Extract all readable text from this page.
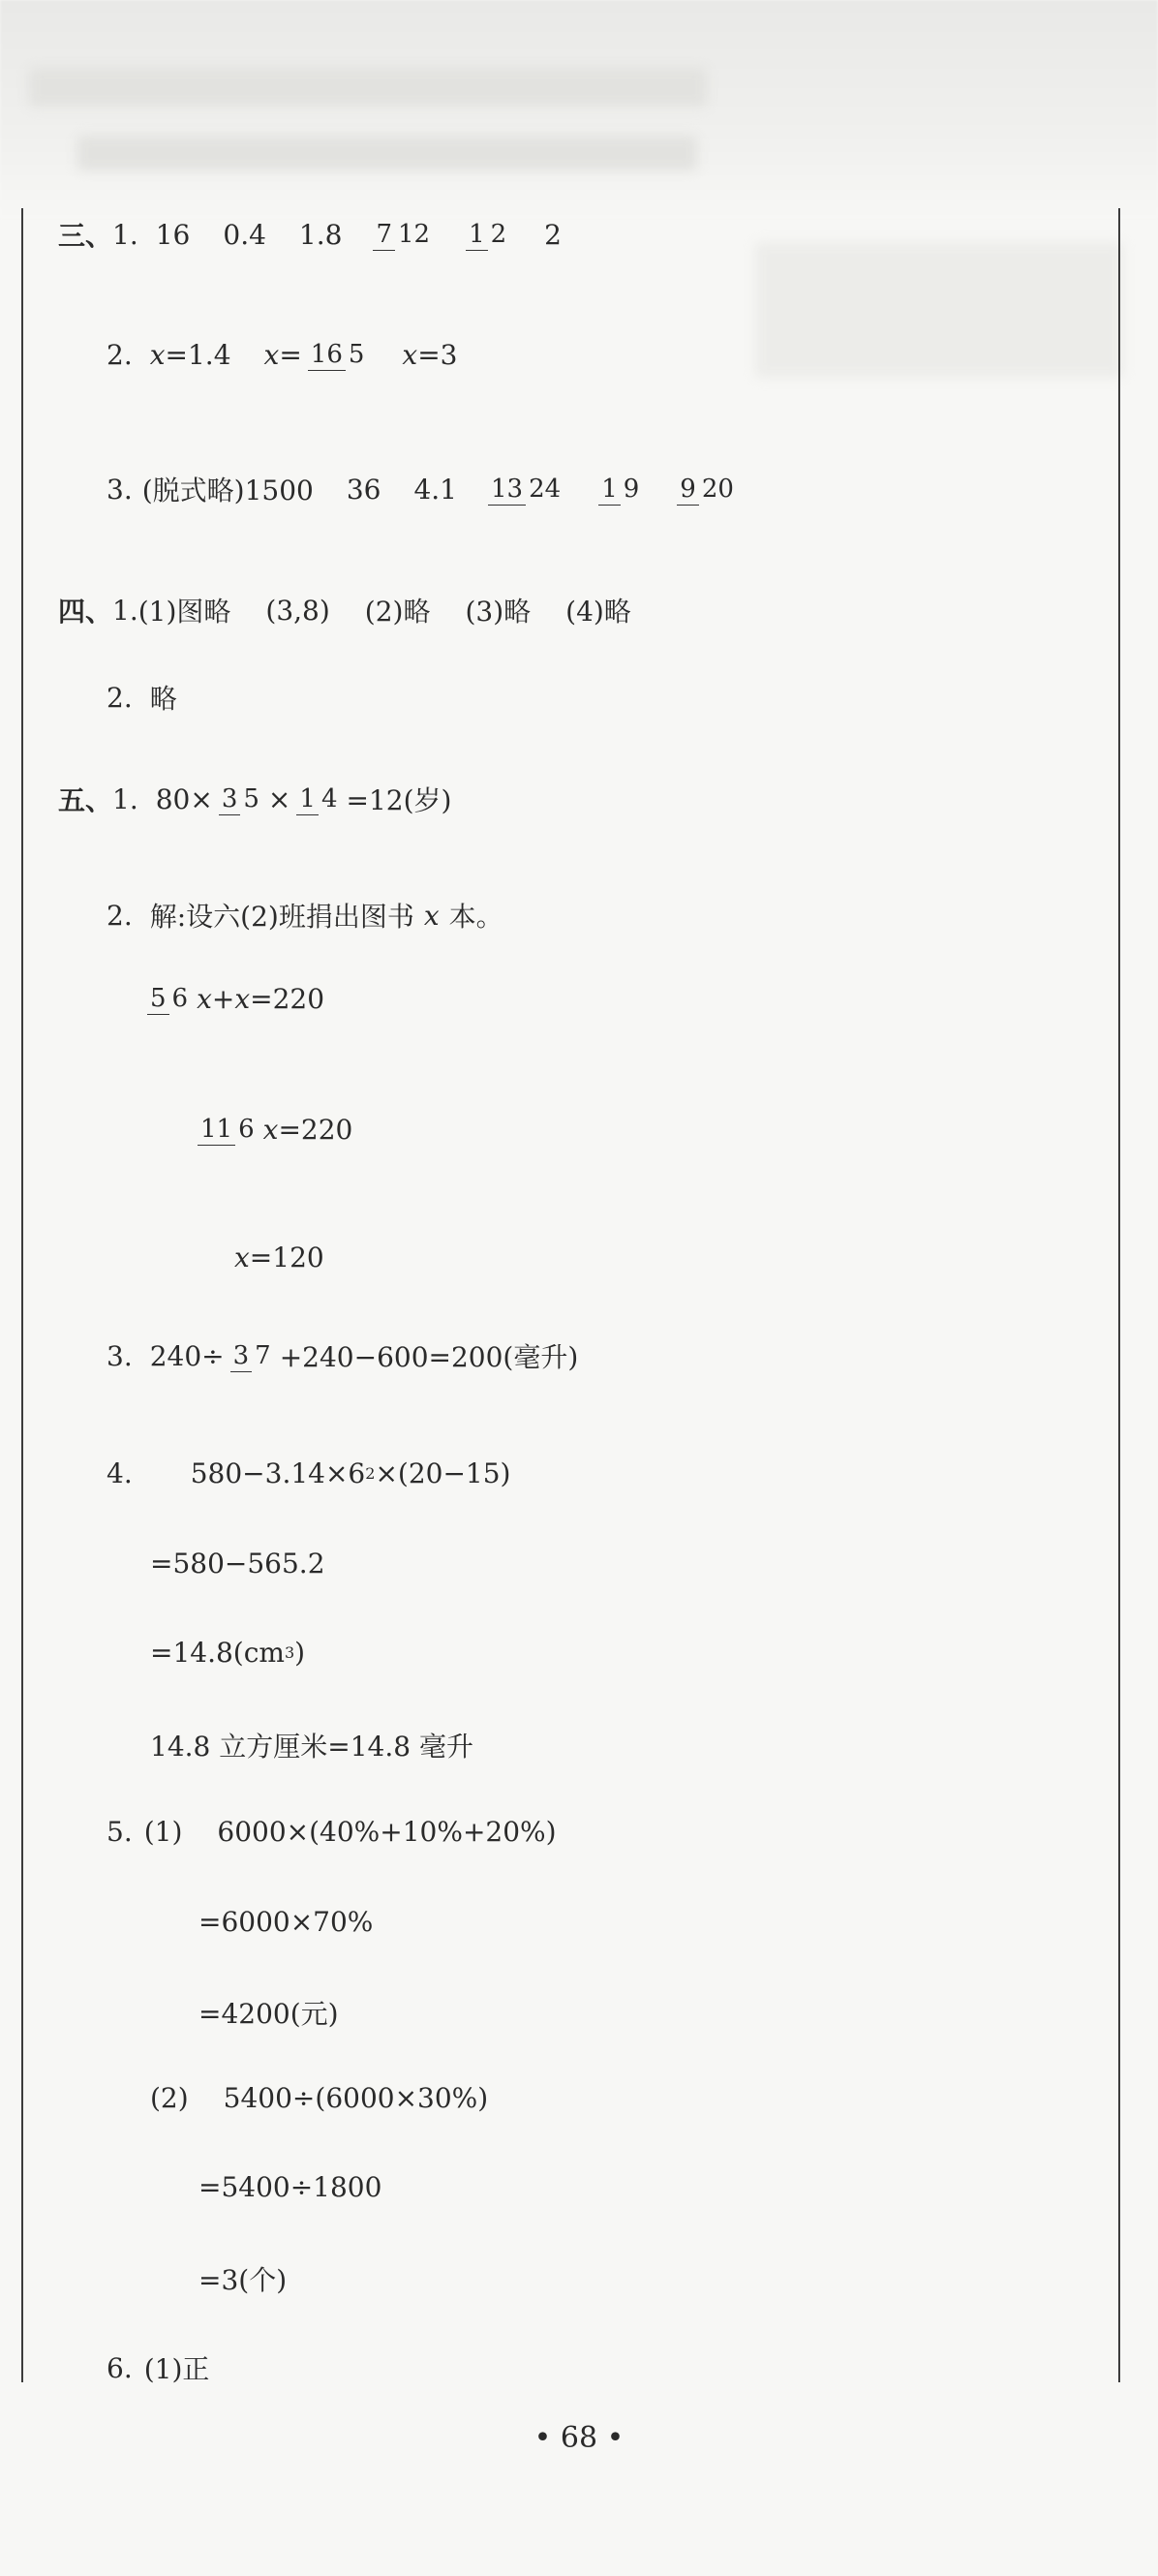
三、 1. 16 0.4 1.8 7 12 1 2 2
2. x =1.4 x = 16 5 x =3
3. (脱式略)1500 36 4.1 13 24 1 9 9 20
四、 1. (1)图略 (3,8) (2)略 (3)略 (4)略
2. 略
五、 1. 80× 3 5 × 1 4 =12(岁)
2. 解:设六(2)班捐出图书 x 本。
5 6 x + x =220
11 6 x =220
x =120
3. 240÷ 3 7 +240−600=200(毫升)
4. 580−3.14×6 2 ×(20−15)
=580−565.2
=14.8(cm 3 )
14.8 立方厘米=14.8 毫升
5. (1) 6000×(40%+10%+20%)
=6000×70%
=4200(元)
(2) 5400÷(6000×30%)
=5400÷1800
=3(个)
6. (1)正
• 68 •
